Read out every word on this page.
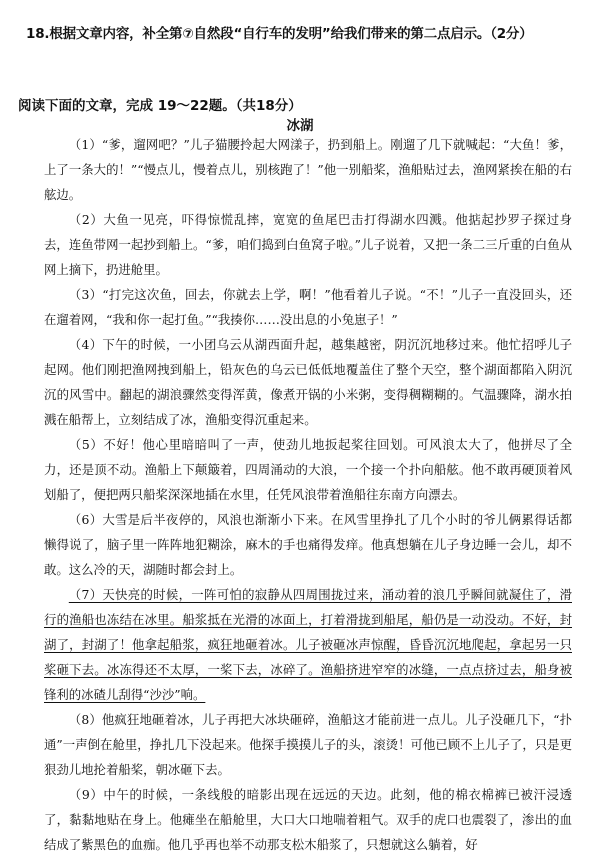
18.根据文章内容，补全第⑦自然段“自行车的发明”给我们带来的第二点启示。（2分）
阅读下面的文章，完成 19～22题。（共18分）
冰湖

（1）“爹，遛网吧？”儿子猫腰拎起大网漾子，扔到船上。刚遛了几下就喊起：“大鱼！爹，上了一条大的！”“慢点儿，慢着点儿，别核跑了！”他一别船桨，渔船贴过去，渔网紧挨在船的右舷边。

（2）大鱼一见亮，吓得惊慌乱摔，宽宽的鱼尾巴击打得湖水四溅。他掂起抄罗子探过身去，连鱼带网一起抄到船上。“爹，咱们捣到白鱼窝子啦。”儿子说着，又把一条二三斤重的白鱼从网上摘下，扔进舱里。

（3）“打完这次鱼，回去，你就去上学，啊！”他看着儿子说。“不！”儿子一直没回头，还在遛着网，“我和你一起打鱼。”“我揍你……没出息的小兔崽子！”

（4）下午的时候，一小团乌云从湖西面升起，越集越密，阴沉沉地移过来。他忙招呼儿子起网。他们刚把渔网拽到船上，铅灰色的乌云已低低地覆盖住了整个天空，整个湖面都陷入阴沉沉的风雪中。翻起的湖浪骤然变得浑黄，像煮开锅的小米粥，变得稠糊糊的。气温骤降，湖水拍溅在船帮上，立刻结成了冰，渔船变得沉重起来。

（5）不好！他心里暗暗叫了一声，使劲儿地扳起桨往回划。可风浪太大了，他拼尽了全力，还是顶不动。渔船上下颠簸着，四周涌动的大浪，一个接一个扑向船舷。他不敢再硬顶着风划船了，便把两只船桨深深地插在水里，任凭风浪带着渔船往东南方向漂去。

（6）大雪是后半夜停的，风浪也渐渐小下来。在风雪里挣扎了几个小时的爷儿俩累得话都懒得说了，脑子里一阵阵地犯糊涂，麻木的手也痛得发痒。他真想躺在儿子身边睡一会儿，却不敢。这么冷的天，湖随时都会封上。

（7）天快亮的时候，一阵可怕的寂静从四周围拢过来，涌动着的浪几乎瞬间就凝住了，滑行的渔船也冻结在冰里。船浆抵在光滑的冰面上，打着滑拢到船尾，船仍是一动没动。不好，封湖了，封湖了！他拿起船浆，疯狂地砸着冰。儿子被砸冰声惊醒，昏昏沉沉地爬起，拿起另一只桨砸下去。冰冻得还不太厚，一桨下去，冰碎了。渔船挤进窄窄的冰缝，一点点挤过去，船身被锋利的冰碴儿刮得“沙沙”响。

（8）他疯狂地砸着冰，儿子再把大冰块砸碎，渔船这才能前进一点儿。儿子没砸几下，“扑通”一声倒在舱里，挣扎几下没起来。他探手摸摸儿子的头，滚烫！可他已顾不上儿子了，只是更狠劲儿地抡着船桨，朝冰砸下去。

（9）中午的时候，一条线般的暗影出现在远远的天边。此刻，他的棉衣棉裤已被汗浸透了，黏黏地贴在身上。他瘫坐在船舱里，大口大口地喘着粗气。双手的虎口也震裂了，渗出的血结成了紫黑色的血痂。他几乎再也举不动那支松木船浆了，只想就这么躺着，好
